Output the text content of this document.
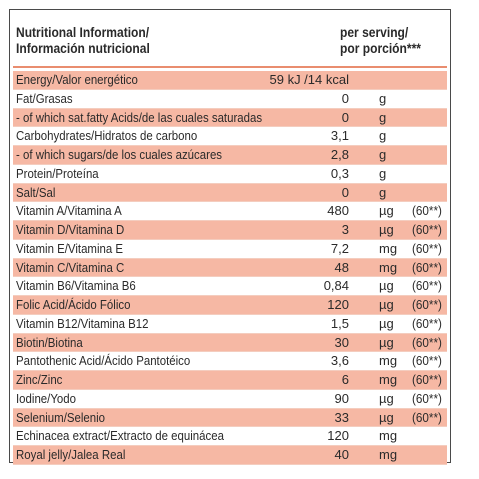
Nutritional Information/
Información nutricional
per serving/
por porción***
Energy/Valor energético	59 kJ /14 kcal
Fat/Grasas	0 g
- of which sat.fatty Acids/de las cuales saturadas	0 g
Carbohydrates/Hidratos de carbono	3,1 g
- of which sugars/de los cuales azúcares	2,8 g
Protein/Proteína	0,3 g
Salt/Sal	0 g
Vitamin A/Vitamina A	480 µg	(60**)
Vitamin D/Vitamina D	3 µg	(60**)
Vitamin E/Vitamina E	7,2 mg	(60**)
Vitamin C/Vitamina C	48 mg	(60**)
Vitamin B6/Vitamina B6	0,84 µg	(60**)
Folic Acid/Ácido Fólico	120 µg	(60**)
Vitamin B12/Vitamina B12	1,5 µg	(60**)
Biotin/Biotina	30 µg	(60**)
Pantothenic Acid/Ácido Pantotéico	3,6 mg	(60**)
Zinc/Zinc	6 mg	(60**)
Iodine/Yodo	90 µg	(60**)
Selenium/Selenio	33 µg	(60**)
Echinacea extract/Extracto de equinácea	120 mg
Royal jelly/Jalea Real	40 mg
